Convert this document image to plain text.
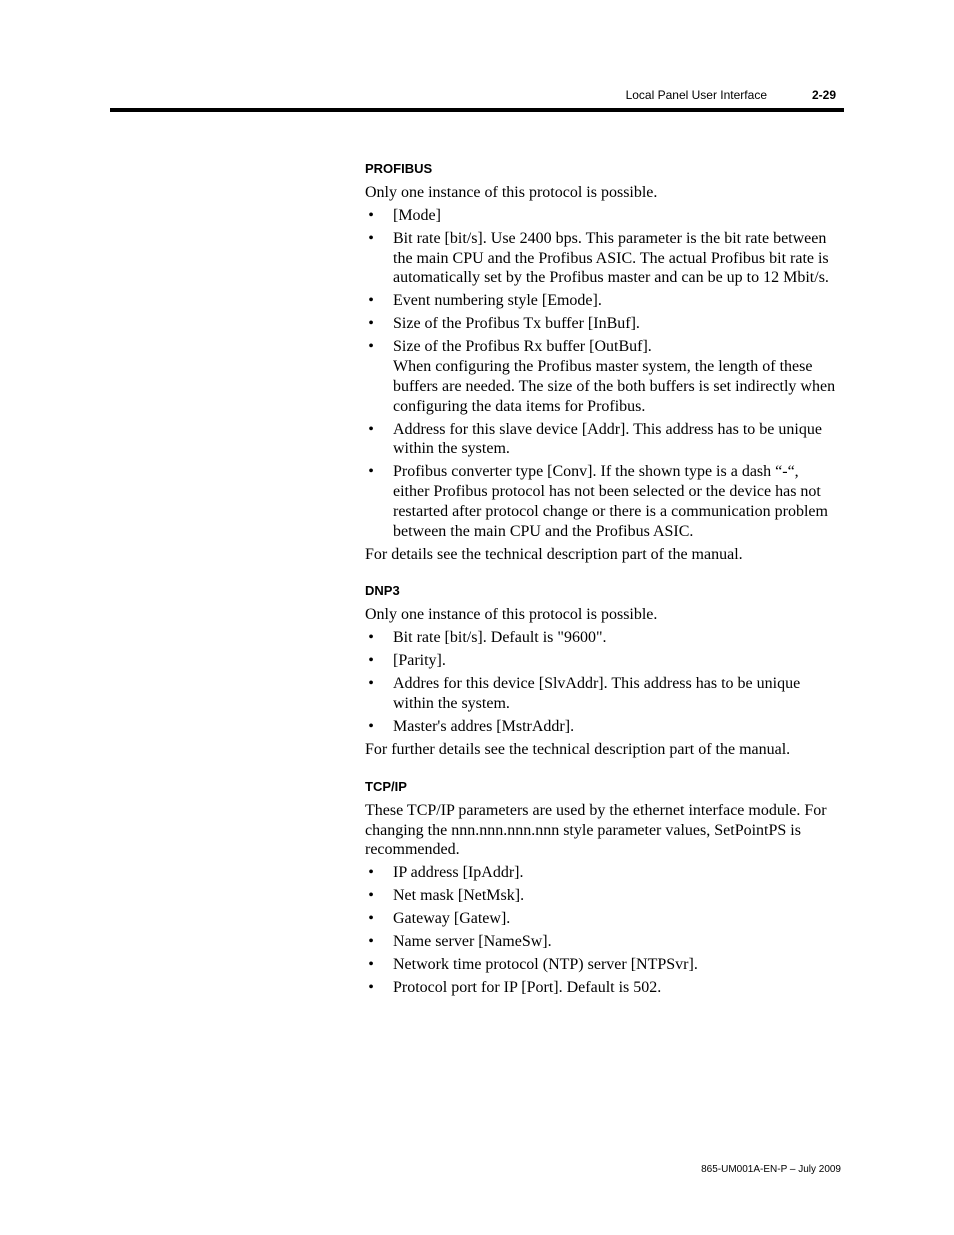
Local Panel User Interface	2-29
PROFIBUS

Only one instance of this protocol is possible.

• [Mode]
• Bit rate [bit/s]. Use 2400 bps. This parameter is the bit rate between the main CPU and the Profibus ASIC. The actual Profibus bit rate is automatically set by the Profibus master and can be up to 12 Mbit/s.
• Event numbering style [Emode].
• Size of the Profibus Tx buffer [InBuf].
• Size of the Profibus Rx buffer [OutBuf].
When configuring the Profibus master system, the length of these buffers are needed. The size of the both buffers is set indirectly when configuring the data items for Profibus.
• Address for this slave device [Addr]. This address has to be unique within the system.
• Profibus converter type [Conv]. If the shown type is a dash “-“, either Profibus protocol has not been selected or the device has not restarted after protocol change or there is a communication problem between the main CPU and the Profibus ASIC.

For details see the technical description part of the manual.

DNP3

Only one instance of this protocol is possible.

• Bit rate [bit/s]. Default is "9600".
• [Parity].
• Addres for this device [SlvAddr]. This address has to be unique within the system.
• Master's addres [MstrAddr].

For further details see the technical description part of the manual.

TCP/IP

These TCP/IP parameters are used by the ethernet interface module. For changing the nnn.nnn.nnn.nnn style parameter values, SetPointPS is recommended.

• IP address [IpAddr].
• Net mask [NetMsk].
• Gateway [Gatew].
• Name server [NameSw].
• Network time protocol (NTP) server [NTPSvr].
• Protocol port for IP [Port]. Default is 502.
865-UM001A-EN-P – July 2009
